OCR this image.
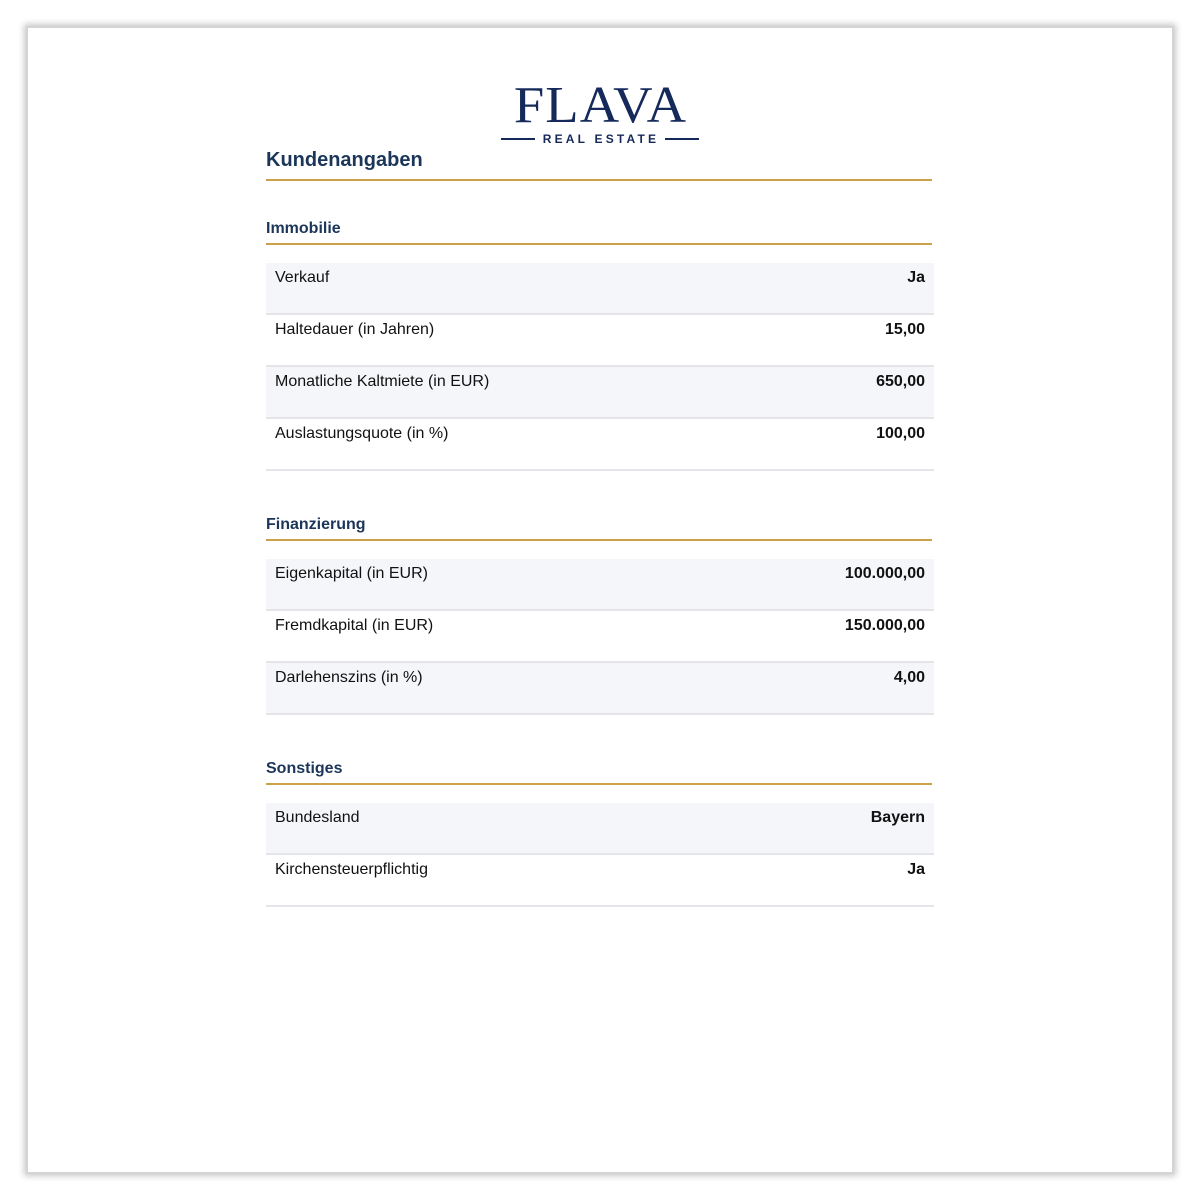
FLAVA
REAL ESTATE
Kundenangaben
Immobilie
Verkauf	Ja
Haltedauer (in Jahren)	15,00
Monatliche Kaltmiete (in EUR)	650,00
Auslastungsquote (in %)	100,00
Finanzierung
Eigenkapital (in EUR)	100.000,00
Fremdkapital (in EUR)	150.000,00
Darlehenszins (in %)	4,00
Sonstiges
Bundesland	Bayern
Kirchensteuerpflichtig	Ja
